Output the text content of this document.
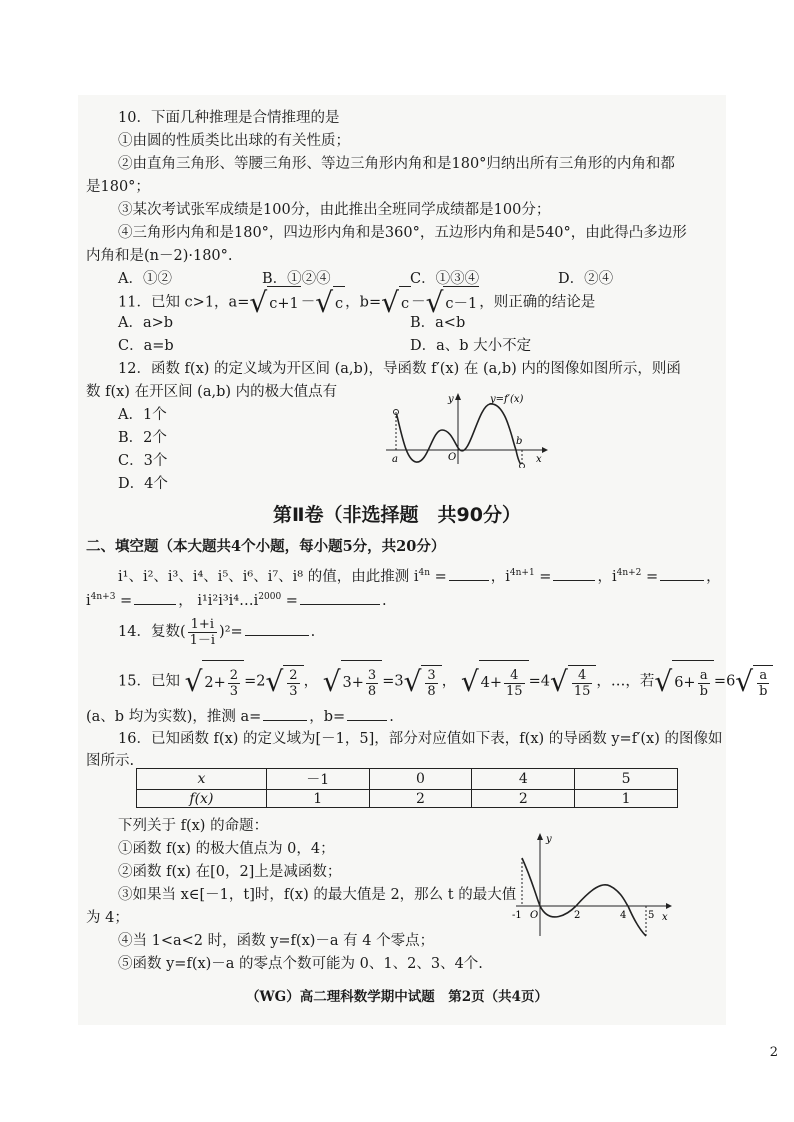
10．下面几种推理是合情推理的是
①由圆的性质类比出球的有关性质；
②由直角三角形、等腰三角形、等边三角形内角和是180°归纳出所有三角形的内角和都
是180°；
③某次考试张军成绩是100分，由此推出全班同学成绩都是100分；
④三角形内角和是180°，四边形内角和是360°，五边形内角和是540°，由此得凸多边形
内角和是(n－2)·180°.
A．①②	B．①②④	C．①③④	D．②④
11．已知 c>1，a= √ c+1 － √ c ，b= √ c － √ c－1 ，则正确的结论是
A．a>b	B．a<b
C．a=b	D．a、b 大小不定
12．函数 f(x) 的定义域为开区间 (a,b)，导函数 f′(x) 在 (a,b) 内的图像如图所示，则函
数 f(x) 在开区间 (a,b) 内的极大值点有
A．1个
B．2个
C．3个
D．4个
y=f′(x)
y
x
O
a
b
第Ⅱ卷（非选择题　共90分）
二、填空题（本大题共4个小题，每小题5分，共20分）
i¹、i²、i³、i⁴、i⁵、i⁶、i⁷、i⁸ 的值，由此推测 $i^{4n}$ =	，$i^{4n+1}$ =	，$i^{4n+2}$ =	，
$i^{4n+3}$ =	， $i^1i^2i^3i^4\dots i^{2000}$ =	.
14．复数( $\frac{1+i}{1-i} )^2=$	.
15．已知 √ $2+ \frac{2}{3} =2$ √ $\frac{2}{3}$ ， √ $3+ \frac{3}{8} =3$ √ $\frac{3}{8}$ ， √ $4+ \frac{4}{15} =4$ √ $\frac{4}{15}$ ，…，若 √ $6+ \frac{a}{b} =6$ √ $\frac{a}{b}$
(a、b 均为实数)，推测 a=	，b=	.
16．已知函数 f(x) 的定义域为[－1，5]，部分对应值如下表，f(x) 的导函数 y=f′(x) 的图像如
图所示.
x	－1	0	4	5
f(x)	1	2	2	1
下列关于 f(x) 的命题：
①函数 f(x) 的极大值点为 0，4；
②函数 f(x) 在[0，2]上是减函数；
③如果当 x∈[－1，t]时，f(x) 的最大值是 2，那么 t 的最大值
为 4；
④当 1<a<2 时，函数 y=f(x)－a 有 4 个零点；
⑤函数 y=f(x)－a 的零点个数可能为 0、1、2、3、4个.
y
x
O
-1	2	4 5
（WG）高二理科数学期中试题　第2页（共4页）
2
